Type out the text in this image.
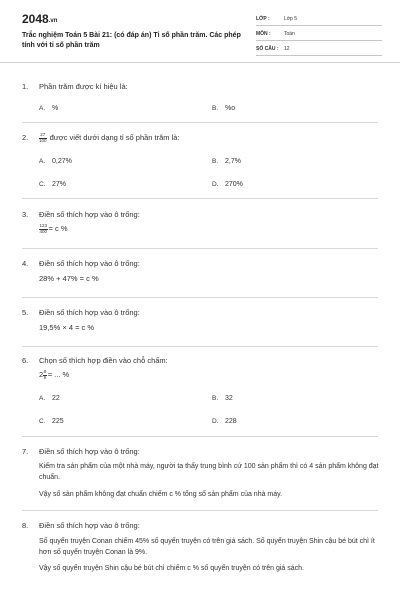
2048.vn
Trắc nghiệm Toán 5 Bài 21: (có đáp án) Tỉ số phần trăm. Các phép tính với tỉ số phần trăm
LỚP :	Lớp 5
MÔN :	Toán
SỐ CÂU : 12
1. Phần trăm được kí hiệu là:
A. %	B. %o
2. $\frac{27}{100}$ được viết dưới dạng tỉ số phần trăm là:
A. 0,27%	B. 2,7%
C. 27%	D. 270%
3. Điền số thích hợp vào ô trống:
$\frac{123}{400} = c$ %
4. Điền số thích hợp vào ô trống:
28% + 47% = c %
5. Điền số thích hợp vào ô trống:
19,5% × 4 = c %
6. Chọn số thích hợp điền vào chỗ chấm:
$2 \frac{8}{9}$ = ... %
A. 22	B. 32
C. 225	D. 228
7. Điền số thích hợp vào ô trống:
Kiểm tra sản phẩm của một nhà máy, người ta thấy trung bình cứ 100 sản phẩm thì có 4 sản phẩm không đạt chuẩn.
Vậy số sản phẩm không đạt chuẩn chiếm c % tổng số sản phẩm của nhà máy.
8. Điền số thích hợp vào ô trống:
Số quyển truyện Conan chiếm 45% số quyển truyện có trên giá sách. Số quyển truyện Shin cậu bé bút chì ít hơn số quyển truyện Conan là 9%.
Vậy số quyển truyện Shin cậu bé bút chì chiếm c % số quyển truyện có trên giá sách.
